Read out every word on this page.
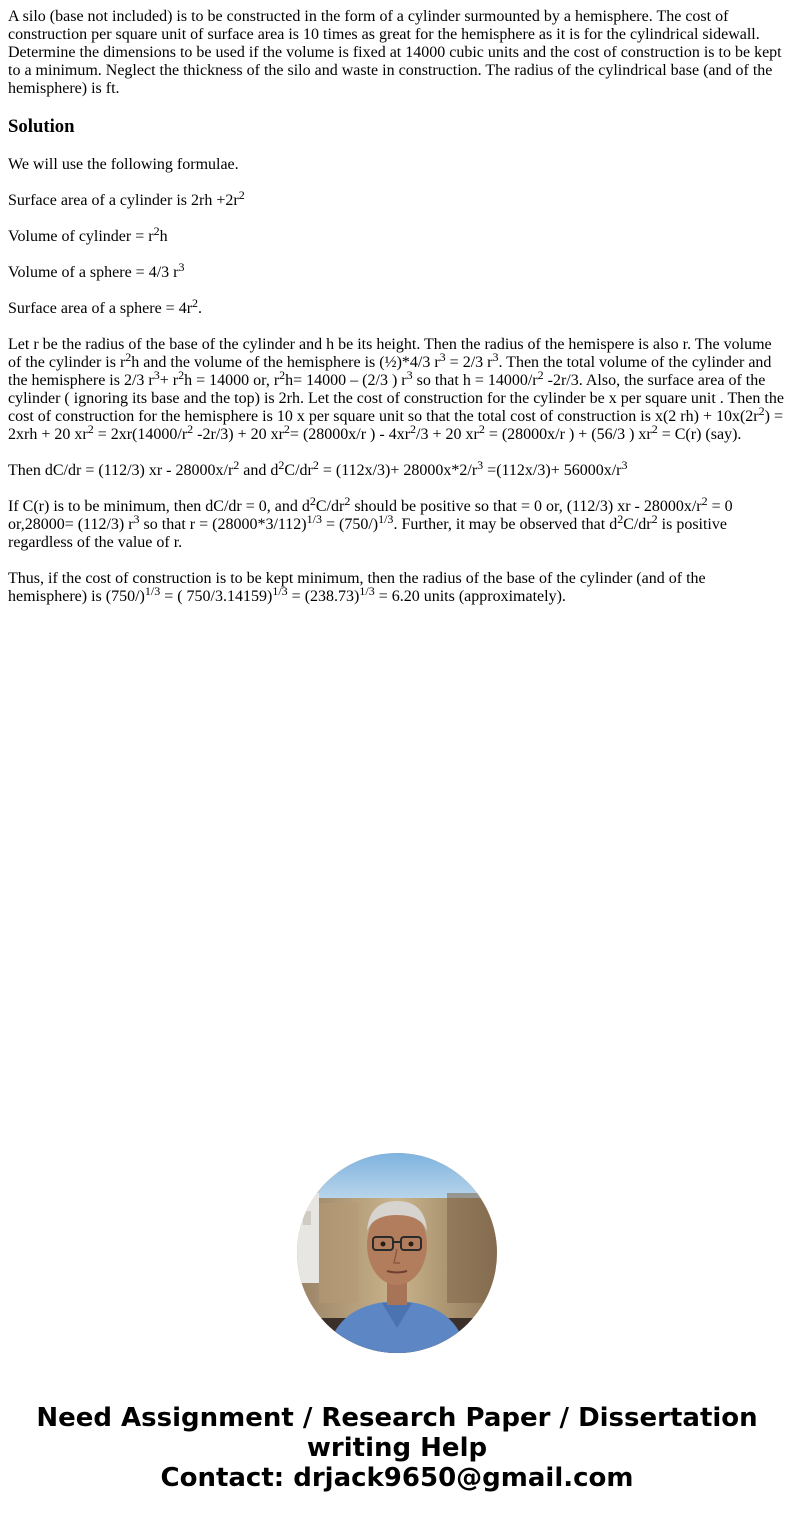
A silo (base not included) is to be constructed in the form of a cylinder surmounted by a hemisphere. The cost of construction per square unit of surface area is 10 times as great for the hemisphere as it is for the cylindrical sidewall. Determine the dimensions to be used if the volume is fixed at 14000 cubic units and the cost of construction is to be kept to a minimum. Neglect the thickness of the silo and waste in construction. The radius of the cylindrical base (and of the hemisphere) is ft.

Solution

We will use the following formulae.

Surface area of a cylinder is $2rh +2r^2$

Volume of cylinder = $r^2h$

Volume of a sphere = 4/3 $r^3$

Surface area of a sphere = $4r^2$.

Let r be the radius of the base of the cylinder and h be its height. Then the radius of the hemispere is also r. The volume of the cylinder is $r^2h$ and the volume of the hemisphere is (½)*4/3 $r^3 = 2/3$ $r^3$. Then the total volume of the cylinder and the hemisphere is 2/3 $r^3+ r^2h = 14000$ or, $r^2h= 14000 - (2/3$ ) $r^3$ so that $h = 14000/r^2$ -2r/3. Also, the surface area of the cylinder ( ignoring its base and the top) is 2rh. Let the cost of construction for the cylinder be x per square unit . Then the cost of construction for the hemisphere is 10 x per square unit so that the total cost of construction is x(2 $rh) + 10x(2r^2) = 2xrh + 20$ $xr^2 = 2xr(14000/r^2$ -2r/3) + 20 $xr^2= (28000x/r$ ) - $4xr^2/3 + 20$ $xr^2 = (28000x/r$ ) + (56/3 ) $xr^2 = C(r)$ (say).

Then dC/dr = (112/3) xr - $28000x/r^2$ and $d^2C/dr^2 = (112x/3)+ 28000x*2/r^3 =(112x/3)+ 56000x/r^3$

If C(r) is to be minimum, then dC/dr = 0, and $d^2C/dr^2$ should be positive so that = 0 or, (112/3) xr - $28000x/r^2 = 0$ or,28000= (112/3) $r^3$ so that $r = (28000*3/112)^{1/3} = (750/)^{1/3}$. Further, it may be observed that $d^2C/dr^2$ is positive regardless of the value of r.

Thus, if the cost of construction is to be kept minimum, then the radius of the base of the cylinder (and of the hemisphere) is $(750/)^{1/3}$ = ( $750/3.14159)^{1/3} = (238.73)^{1/3} = 6.20$ units (approximately).

Need Assignment / Research Paper / Dissertation
writing Help
Contact: drjack9650@gmail.com
